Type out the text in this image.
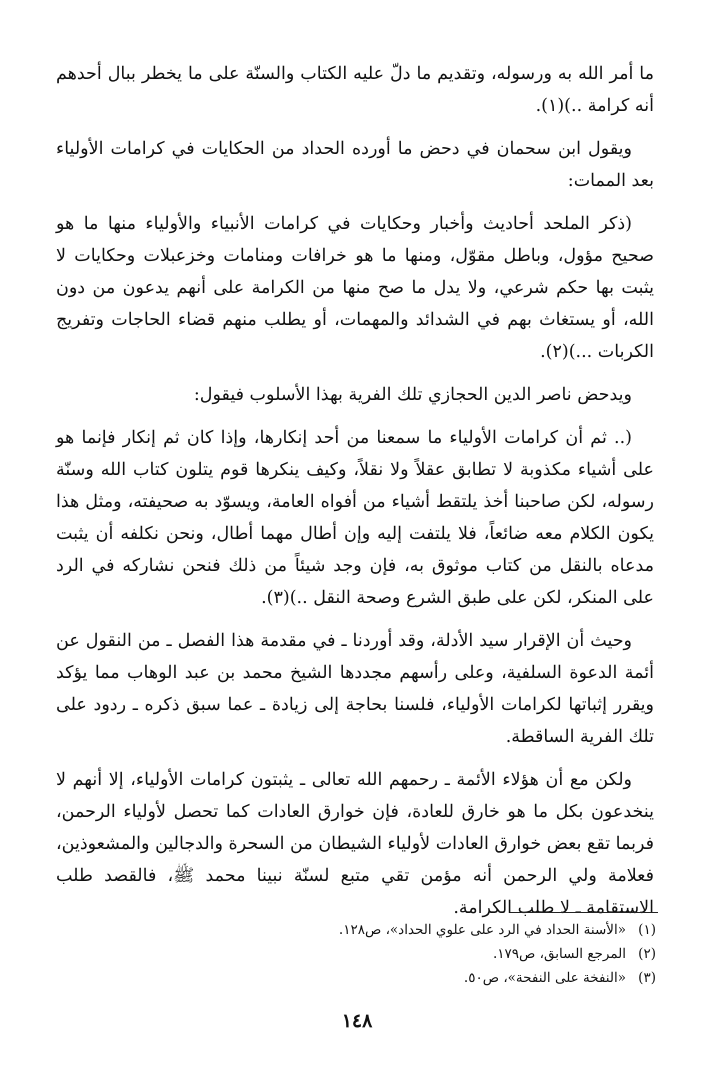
ما أمر الله به ورسوله، وتقديم ما دلّ عليه الكتاب والسنّة على ما يخطر ببال أحدهم أنه كرامة ..)(١).

ويقول ابن سحمان في دحض ما أورده الحداد من الحكايات في كرامات الأولياء بعد الممات:

(ذكر الملحد أحاديث وأخبار وحكايات في كرامات الأنبياء والأولياء منها ما هو صحيح مؤول، وباطل مقوّل، ومنها ما هو خرافات ومنامات وخزعبلات وحكايات لا يثبت بها حكم شرعي، ولا يدل ما صح منها من الكرامة على أنهم يدعون من دون الله، أو يستغاث بهم في الشدائد والمهمات، أو يطلب منهم قضاء الحاجات وتفريج الكربات ...)(٢).

ويدحض ناصر الدين الحجازي تلك الفرية بهذا الأسلوب فيقول:

(.. ثم أن كرامات الأولياء ما سمعنا من أحد إنكارها، وإذا كان ثم إنكار فإنما هو على أشياء مكذوبة لا تطابق عقلاً ولا نقلاً، وكيف ينكرها قوم يتلون كتاب الله وسنّة رسوله، لكن صاحبنا أخذ يلتقط أشياء من أفواه العامة، ويسوّد به صحيفته، ومثل هذا يكون الكلام معه ضائعاً، فلا يلتفت إليه وإن أطال مهما أطال، ونحن نكلفه أن يثبت مدعاه بالنقل من كتاب موثوق به، فإن وجد شيئاً من ذلك فنحن نشاركه في الرد على المنكر، لكن على طبق الشرع وصحة النقل ..)(٣).

وحيث أن الإقرار سيد الأدلة، وقد أوردنا ـ في مقدمة هذا الفصل ـ من النقول عن أئمة الدعوة السلفية، وعلى رأسهم مجددها الشيخ محمد بن عبد الوهاب مما يؤكد ويقرر إثباتها لكرامات الأولياء، فلسنا بحاجة إلى زيادة ـ عما سبق ذكره ـ ردود على تلك الفرية الساقطة.

ولكن مع أن هؤلاء الأئمة ـ رحمهم الله تعالى ـ يثبتون كرامات الأولياء، إلا أنهم لا ينخدعون بكل ما هو خارق للعادة، فإن خوارق العادات كما تحصل لأولياء الرحمن، فربما تقع بعض خوارق العادات لأولياء الشيطان من السحرة والدجالين والمشعوذين، فعلامة ولي الرحمن أنه مؤمن تقي متبع لسنّة نبينا محمد ﷺ، فالقصد طلب الاستقامة ـ لا طلب الكرامة.

(١)«الأسنة الحداد في الرد على علوي الحداد»، ص١٢٨.

(٢)المرجع السابق، ص١٧٩.

(٣)«النفخة على النفحة»، ص٥٠.

١٤٨
